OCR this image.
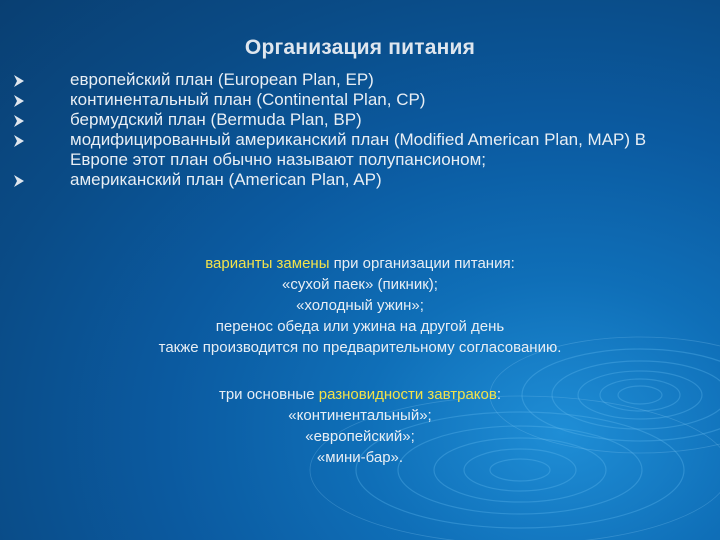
Организация питания
европейский план (European Plan, EP)
континентальный план (Continental Plan, CP)
бермудский план (Bermuda Plan, BP)
модифицированный американский план (Modified American Plan, MAP) В Европе этот план обычно называют полупансионом;
американский план (American Plan, AP)
варианты замены при организации питания:
«сухой паек» (пикник);
«холодный ужин»;
перенос обеда или ужина на другой день
также производится по предварительному согласованию.
три основные разновидности завтраков:
«континентальный»;
«европейский»;
«мини-бар».
